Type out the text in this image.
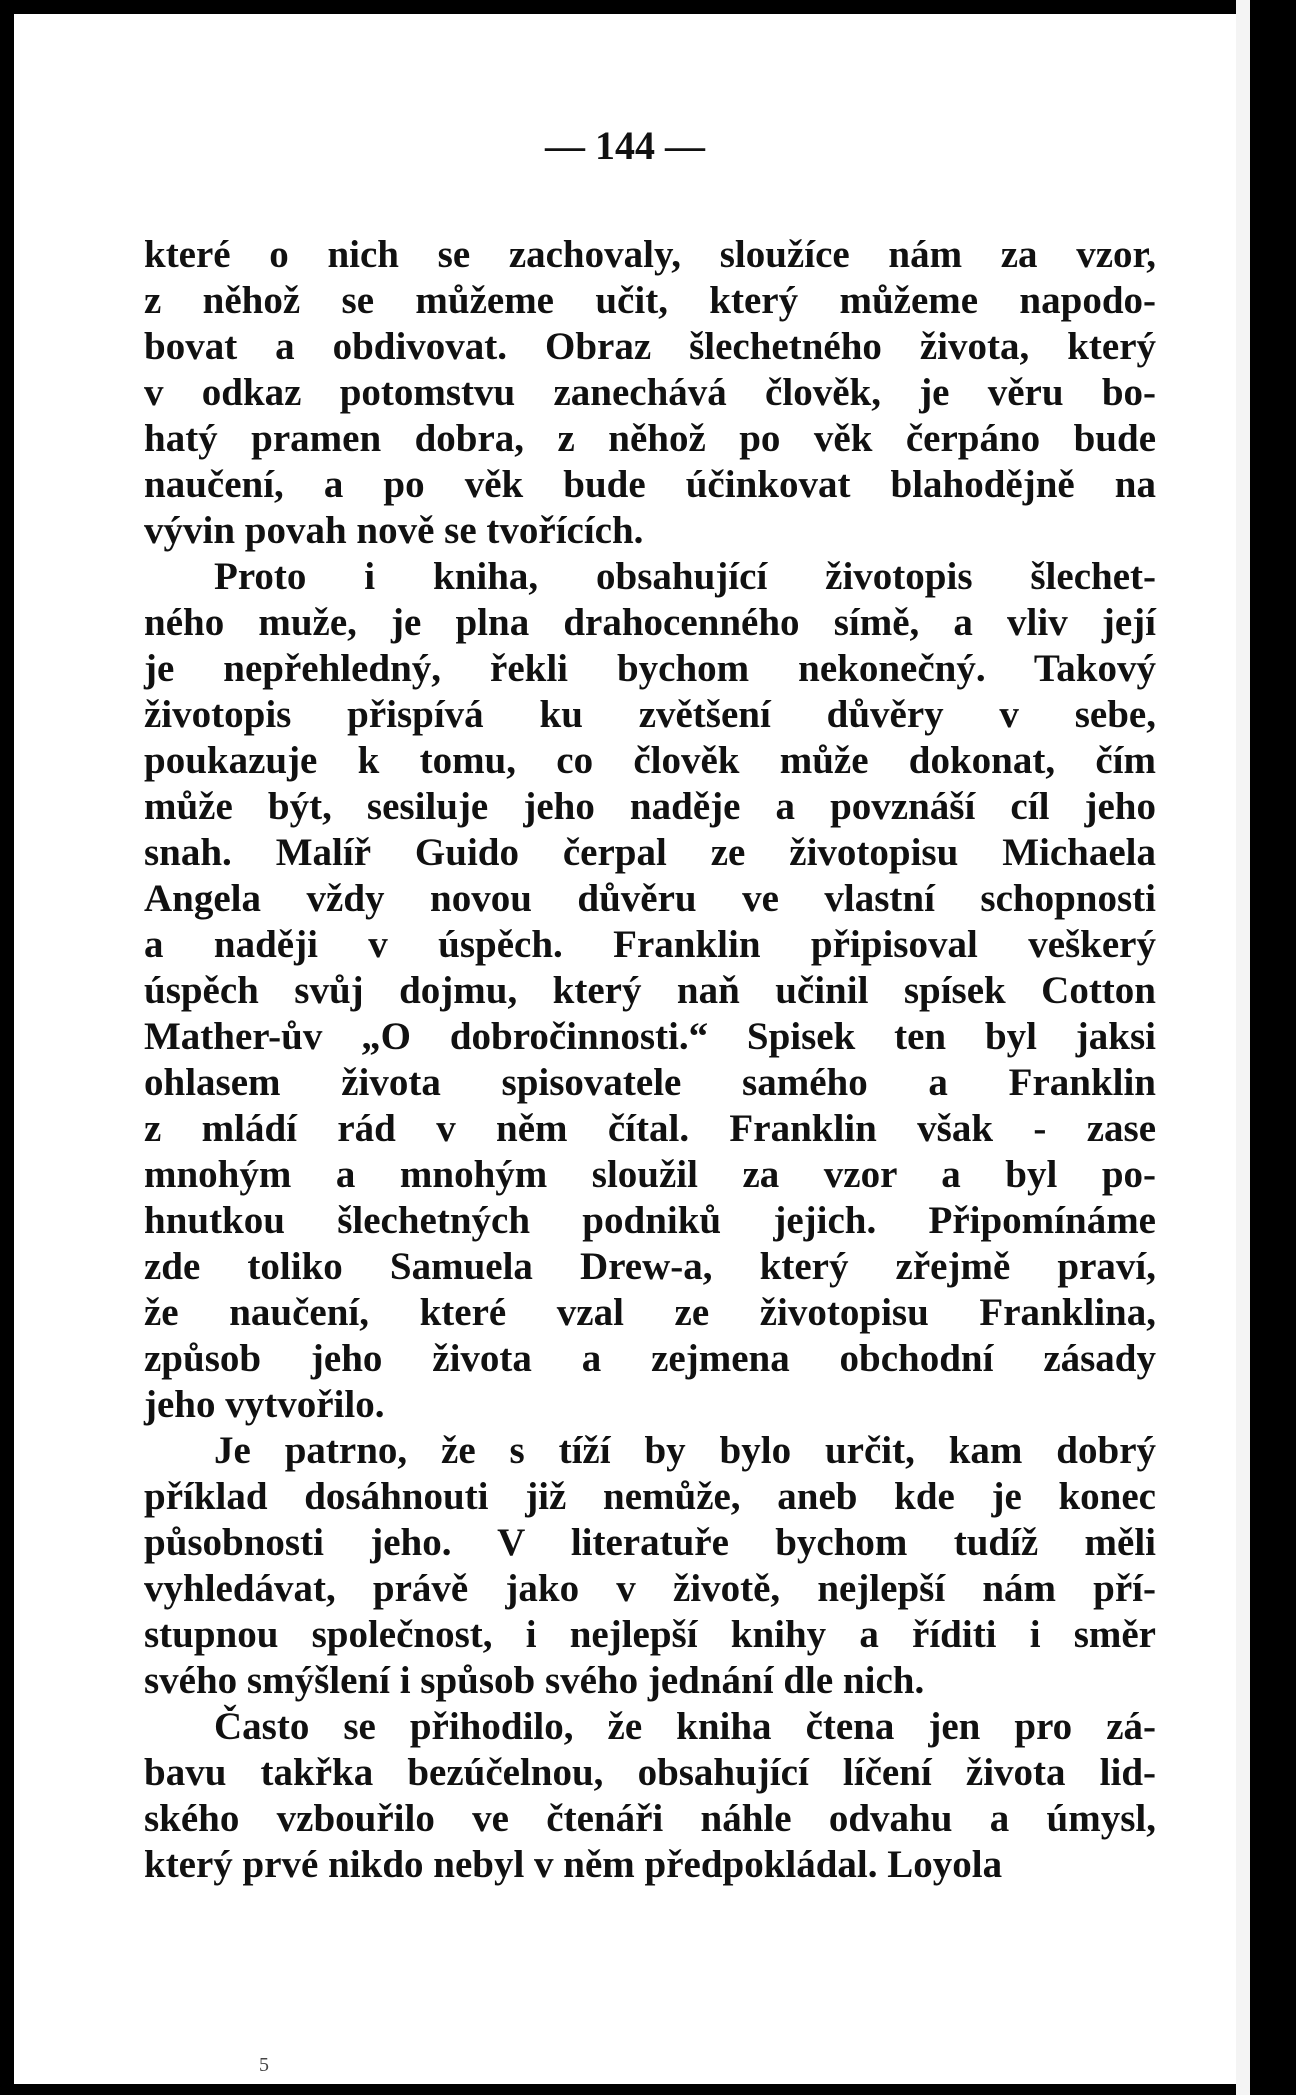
— 144 —
které o nich se zachovaly, sloužíce nám za vzor,
z něhož se můžeme učit, který můžeme napodo-
bovat a obdivovat. Obraz šlechetného života, který
v odkaz potomstvu zanechává člověk, je věru bo-
hatý pramen dobra, z něhož po věk čerpáno bude
naučení, a po věk bude účinkovat blahodějně na
vývin povah nově se tvořících.
Proto i kniha, obsahující životopis šlechet-
ného muže, je plna drahocenného símě, a vliv její
je nepřehledný, řekli bychom nekonečný. Takový
životopis přispívá ku zvětšení důvěry v sebe,
poukazuje k tomu, co člověk může dokonat, čím
může být, sesiluje jeho naděje a povznáší cíl jeho
snah. Malíř Guido čerpal ze životopisu Michaela
Angela vždy novou důvěru ve vlastní schopnosti
a naději v úspěch. Franklin připisoval veškerý
úspěch svůj dojmu, který naň učinil spísek Cotton
Mather-ův „O dobročinnosti.“ Spisek ten byl jaksi
ohlasem života spisovatele samého a Franklin
z mládí rád v něm čítal. Franklin však - zase
mnohým a mnohým sloužil za vzor a byl po-
hnutkou šlechetných podniků jejich. Připomínáme
zde toliko Samuela Drew-a, který zřejmě praví,
že naučení, které vzal ze životopisu Franklina,
způsob jeho života a zejmena obchodní zásady
jeho vytvořilo.
Je patrno, že s tíží by bylo určit, kam dobrý
příklad dosáhnouti již nemůže, aneb kde je konec
působnosti jeho. V literatuře bychom tudíž měli
vyhledávat, právě jako v životě, nejlepší nám pří-
stupnou společnost, i nejlepší knihy a říditi i směr
svého smýšlení i spůsob svého jednání dle nich.
Často se přihodilo, že kniha čtena jen pro zá-
bavu takřka bezúčelnou, obsahující líčení života lid-
ského vzbouřilo ve čtenáři náhle odvahu a úmysl,
který prvé nikdo nebyl v něm předpokládal. Loyola
5
